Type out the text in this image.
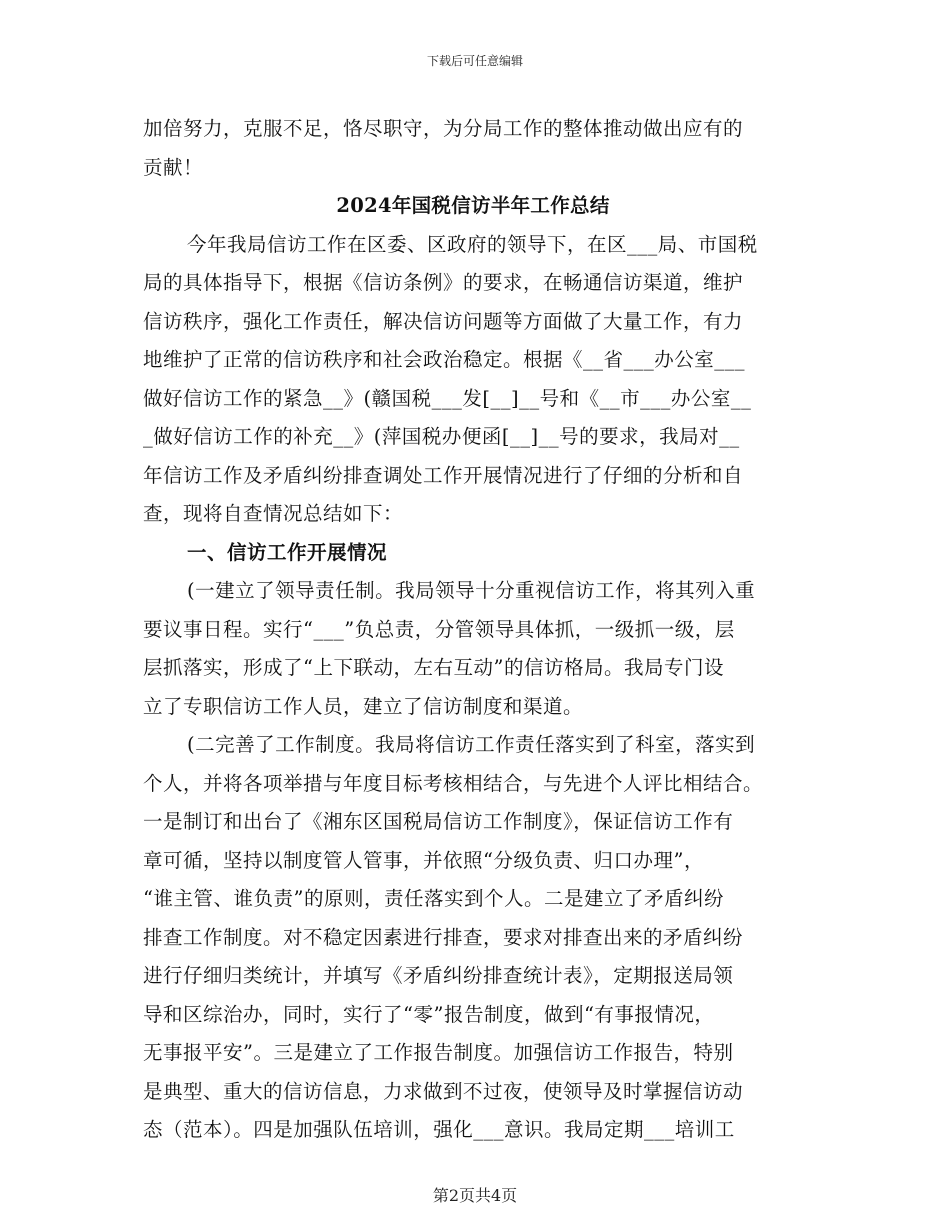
下载后可任意编辑
加倍努力，克服不足，恪尽职守，为分局工作的整体推动做出应有的
贡献！
2024年国税信访半年工作总结
今年我局信访工作在区委、区政府的领导下，在区___局、市国税
局的具体指导下，根据《信访条例》的要求，在畅通信访渠道，维护
信访秩序，强化工作责任，解决信访问题等方面做了大量工作，有力
地维护了正常的信访秩序和社会政治稳定。根据《__省___办公室___
做好信访工作的紧急__》(赣国税___发[__]__号和《__市___办公室__
_做好信访工作的补充__》(萍国税办便函[__]__号的要求，我局对__
年信访工作及矛盾纠纷排查调处工作开展情况进行了仔细的分析和自
查，现将自查情况总结如下：
一、信访工作开展情况
(一建立了领导责任制。我局领导十分重视信访工作，将其列入重
要议事日程。实行“___”负总责，分管领导具体抓，一级抓一级，层
层抓落实，形成了“上下联动，左右互动”的信访格局。我局专门设
立了专职信访工作人员，建立了信访制度和渠道。
(二完善了工作制度。我局将信访工作责任落实到了科室，落实到
个人，并将各项举措与年度目标考核相结合，与先进个人评比相结合。
一是制订和出台了《湘东区国税局信访工作制度》，保证信访工作有
章可循，坚持以制度管人管事，并依照“分级负责、归口办理”，
“谁主管、谁负责”的原则，责任落实到个人。二是建立了矛盾纠纷
排查工作制度。对不稳定因素进行排查，要求对排查出来的矛盾纠纷
进行仔细归类统计，并填写《矛盾纠纷排查统计表》，定期报送局领
导和区综治办，同时，实行了“零”报告制度，做到“有事报情况，
无事报平安”。三是建立了工作报告制度。加强信访工作报告，特别
是典型、重大的信访信息，力求做到不过夜，使领导及时掌握信访动
态（范本）。四是加强队伍培训，强化___意识。我局定期___培训工
第2页共4页
